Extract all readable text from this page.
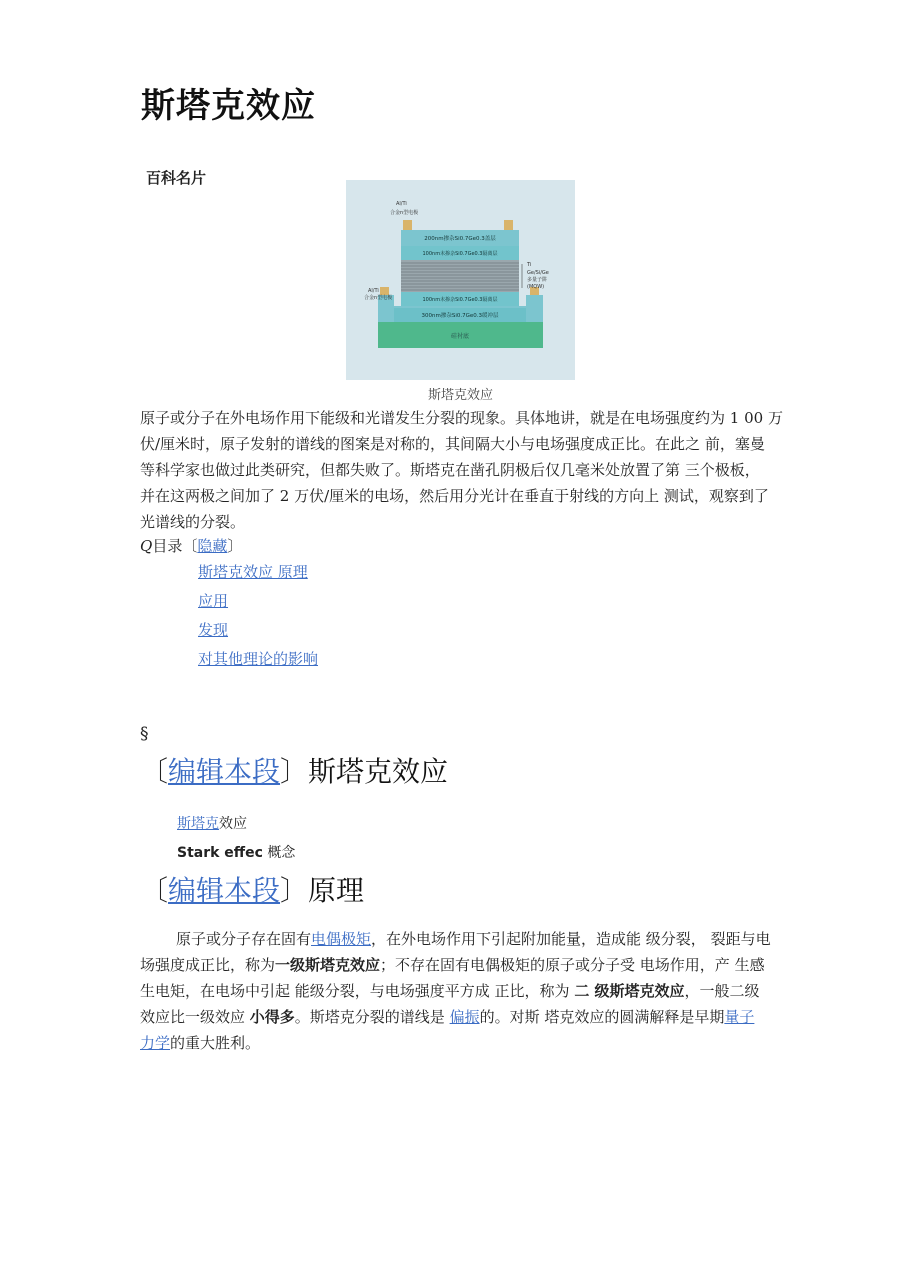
斯塔克效应
百科名片
硅衬底
300nm掺杂Si0.7Ge0.3缓冲层
100nm未掺杂Si0.7Ge0.3隔离层
100nm未掺杂Si0.7Ge0.3隔离层
200nm掺杂Si0.7Ge0.3盖层
Al/Ti
合金n型电极
Al/Ti
合金n型电极
Ti
Ge/Si/Ge
多量子阱
(MQW)
斯塔克效应
原子或分子在外电场作用下能级和光谱发生分裂的现象。具体地讲，就是在电场强度约为 1 00 万
伏/厘米时，原子发射的谱线的图案是对称的，其间隔大小与电场强度成正比。在此之 前，塞曼
等科学家也做过此类研究，但都失败了。斯塔克在凿孔阴极后仅几毫米处放置了第 三个极板，
并在这两极之间加了 2 万伏/厘米的电场，然后用分光计在垂直于射线的方向上 测试，观察到了
光谱线的分裂。
Q目录〔隐藏〕
斯塔克效应 原理
应用
发现
对其他理论的影响
§
〔编辑本段〕斯塔克效应
斯塔克效应
Stark effec 概念
〔编辑本段〕原理
原子或分子存在固有电偶极矩，在外电场作用下引起附加能量，造成能 级分裂， 裂距与电
场强度成正比，称为一级斯塔克效应；不存在固有电偶极矩的原子或分子受 电场作用，产 生感
生电矩，在电场中引起 能级分裂，与电场强度平方成 正比，称为 二 级斯塔克效应，一般二级
效应比一级效应 小得多。斯塔克分裂的谱线是 偏振的。对斯 塔克效应的圆满解释是早期量子
力学的重大胜利。
